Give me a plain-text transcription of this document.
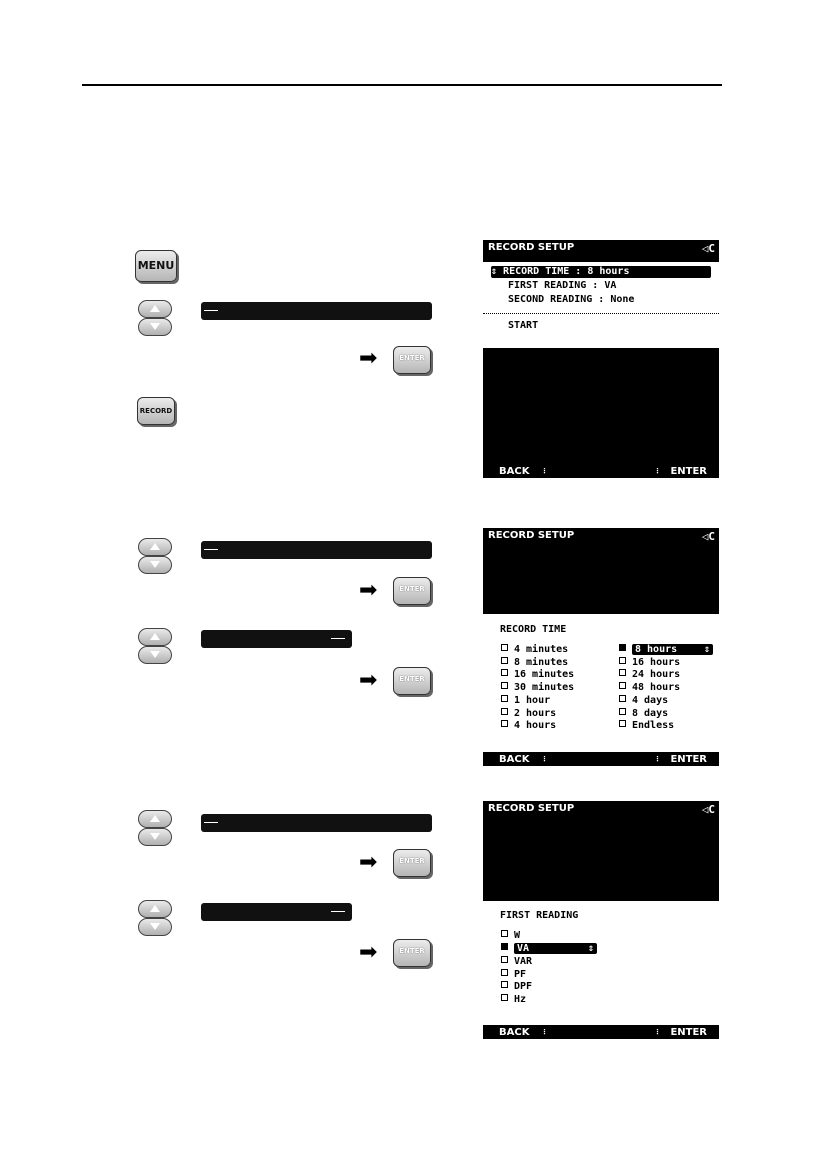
MENU
➡	ENTER
RECORD
RECORD SETUP	◁C
⇕ RECORD TIME : 8 hours
FIRST READING : VA
SECOND READING : None
START
BACK ⋮	⋮ ENTER
➡	ENTER
➡	ENTER
RECORD SETUP	◁C
RECORD TIME
4 minutes
8 minutes
16 minutes
30 minutes
1 hour
2 hours
4 hours
8 hours	⇕
16 hours
24 hours
48 hours
4 days
8 days
Endless
BACK ⋮	⋮ ENTER
➡	ENTER
➡	ENTER
RECORD SETUP	◁C
FIRST READING
W
VA	⇕
VAR
PF
DPF
Hz
BACK ⋮	⋮ ENTER
